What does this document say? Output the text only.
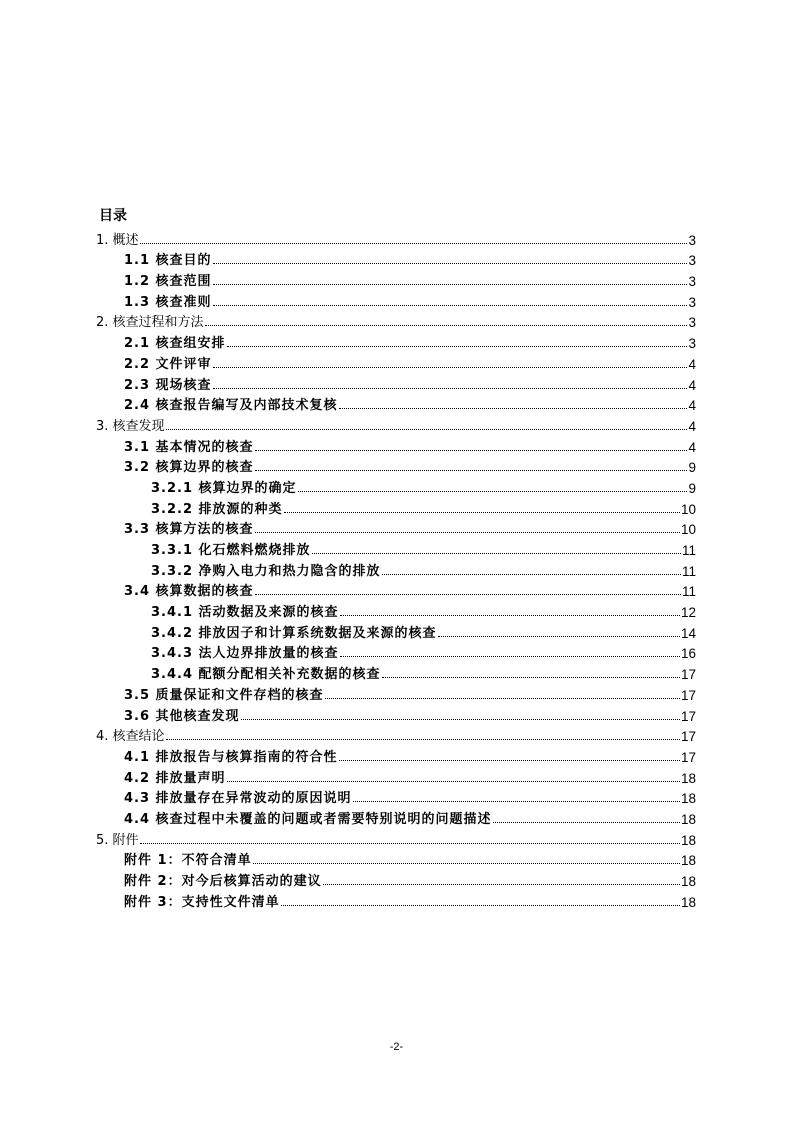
目录
1. 概述	3
1.1 核查目的	3
1.2 核查范围	3
1.3 核查准则	3
2. 核查过程和方法	3
2.1 核查组安排	3
2.2 文件评审	4
2.3 现场核查	4
2.4 核查报告编写及内部技术复核	4
3. 核查发现	4
3.1 基本情况的核查	4
3.2 核算边界的核查	9
3.2.1 核算边界的确定	9
3.2.2 排放源的种类	10
3.3 核算方法的核查	10
3.3.1 化石燃料燃烧排放	11
3.3.2 净购入电力和热力隐含的排放	11
3.4 核算数据的核查	11
3.4.1 活动数据及来源的核查	12
3.4.2 排放因子和计算系统数据及来源的核查	14
3.4.3 法人边界排放量的核查	16
3.4.4 配额分配相关补充数据的核查	17
3.5 质量保证和文件存档的核查	17
3.6 其他核查发现	17
4. 核查结论	17
4.1 排放报告与核算指南的符合性	17
4.2 排放量声明	18
4.3 排放量存在异常波动的原因说明	18
4.4 核查过程中未覆盖的问题或者需要特别说明的问题描述	18
5. 附件	18
附件 1：不符合清单	18
附件 2：对今后核算活动的建议	18
附件 3：支持性文件清单	18
-2-
